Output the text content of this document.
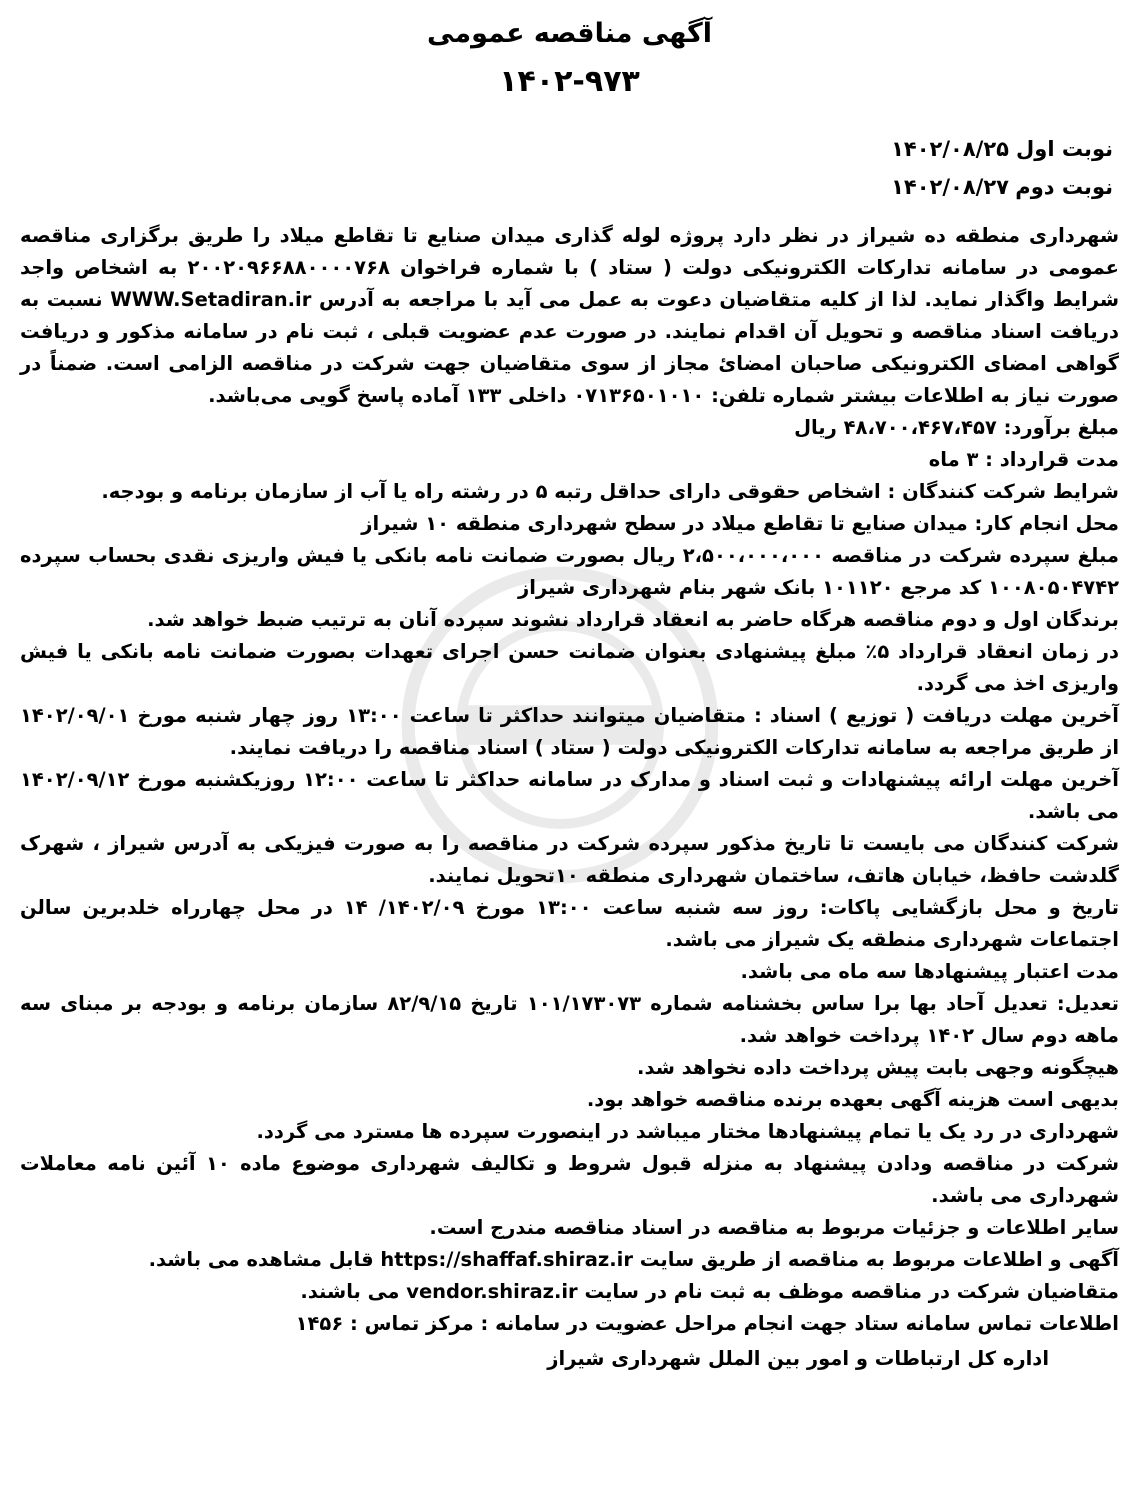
آگهی مناقصه عمومی
۱۴۰۲-۹۷۳
نوبت اول
۱۴۰۲/۰۸/۲۵
نوبت دوم
۱۴۰۲/۰۸/۲۷

شهرداری منطقه ده شیراز در نظر دارد پروژه لوله گذاری میدان صنایع تا تقاطع میلاد را طریق برگزاری مناقصه عمومی در سامانه تدارکات الکترونیکی دولت ( ستاد ) با شماره فراخوان ۲۰۰۲۰۹۶۶۸۸۰۰۰۰۷۶۸ به اشخاص واجد شرایط واگذار نماید. لذا از کلیه متقاضیان دعوت به عمل می آید با مراجعه به آدرس WWW.Setadiran.ir نسبت به دریافت اسناد مناقصه و تحویل آن اقدام نمایند. در صورت عدم عضویت قبلی ، ثبت نام در سامانه مذکور و دریافت گواهی امضای الکترونیکی صاحبان امضائ مجاز از سوی متقاضیان جهت شرکت در مناقصه الزامی است. ضمناً در صورت نیاز به اطلاعات بیشتر شماره تلفن: ۰۷۱۳۶۵۰۱۰۱۰ داخلی ۱۳۳ آماده پاسخ گویی می‌باشد.

مبلغ برآورد: ۴۸،۷۰۰،۴۶۷،۴۵۷ ریال

مدت قرارداد : ۳ ماه

شرایط شرکت کنندگان : اشخاص حقوقی دارای حداقل رتبه ۵ در رشته راه یا آب از سازمان برنامه و بودجه.

محل انجام کار: میدان صنایع تا تقاطع میلاد در سطح شهرداری منطقه ۱۰ شیراز

مبلغ سپرده شرکت در مناقصه ۲،۵۰۰،۰۰۰،۰۰۰ ریال بصورت ضمانت نامه بانکی یا فیش واریزی نقدی بحساب سپرده ۱۰۰۸۰۵۰۴۷۴۲ کد مرجع ۱۰۱۱۲۰ بانک شهر بنام شهرداری شیراز

برندگان اول و دوم مناقصه هرگاه حاضر به انعقاد قرارداد نشوند سپرده آنان به ترتیب ضبط خواهد شد.

در زمان انعقاد قرارداد ۵٪ مبلغ پیشنهادی بعنوان ضمانت حسن اجرای تعهدات بصورت ضمانت نامه بانکی یا فیش واریزی اخذ می گردد.

آخرین مهلت دریافت ( توزیع ) اسناد : متقاضیان میتوانند حداکثر تا ساعت ۱۳:۰۰ روز چهار شنبه مورخ ۱۴۰۲/۰۹/۰۱ از طریق مراجعه به سامانه تدارکات الکترونیکی دولت ( ستاد ) اسناد مناقصه را دریافت نمایند.

آخرین مهلت ارائه پیشنهادات و ثبت اسناد و مدارک در سامانه حداکثر تا ساعت ۱۲:۰۰ روزیکشنبه مورخ ۱۴۰۲/۰۹/۱۲ می باشد.

شرکت کنندگان می بایست تا تاریخ مذکور سپرده شرکت در مناقصه را به صورت فیزیکی به آدرس شیراز ، شهرک گلدشت حافظ، خیابان هاتف، ساختمان شهرداری منطقه ۱۰تحویل نمایند.

تاریخ و محل بازگشایی پاکات: روز سه شنبه ساعت ۱۳:۰۰ مورخ ۱۴۰۲/۰۹/ ۱۴ در محل چهارراه خلدبرین سالن اجتماعات شهرداری منطقه یک شیراز می باشد.

مدت اعتبار پیشنهادها سه ماه می باشد.

تعدیل: تعدیل آحاد بها برا ساس بخشنامه شماره ۱۰۱/۱۷۳۰۷۳ تاریخ ۸۲/۹/۱۵ سازمان برنامه و بودجه بر مبنای سه ماهه دوم سال ۱۴۰۲ پرداخت خواهد شد.

هیچگونه وجهی بابت پیش پرداخت داده نخواهد شد.

بدیهی است هزینه آگهی بعهده برنده مناقصه خواهد بود.

شهرداری در رد یک یا تمام پیشنهادها مختار میباشد در اینصورت سپرده ها مسترد می گردد.

شرکت در مناقصه ودادن پیشنهاد به منزله قبول شروط و تکالیف شهرداری موضوع ماده ۱۰ آئین نامه معاملات شهرداری می باشد.

سایر اطلاعات و جزئیات مربوط به مناقصه در اسناد مناقصه مندرج است.

آگهی و اطلاعات مربوط به مناقصه از طریق سایت https://shaffaf.shiraz.ir قابل مشاهده می باشد.

متقاضیان شرکت در مناقصه موظف به ثبت نام در سایت vendor.shiraz.ir می باشند.

اطلاعات تماس سامانه ستاد جهت انجام مراحل عضویت در سامانه : مرکز تماس : ۱۴۵۶

اداره کل ارتباطات و امور بین الملل شهرداری شیراز
